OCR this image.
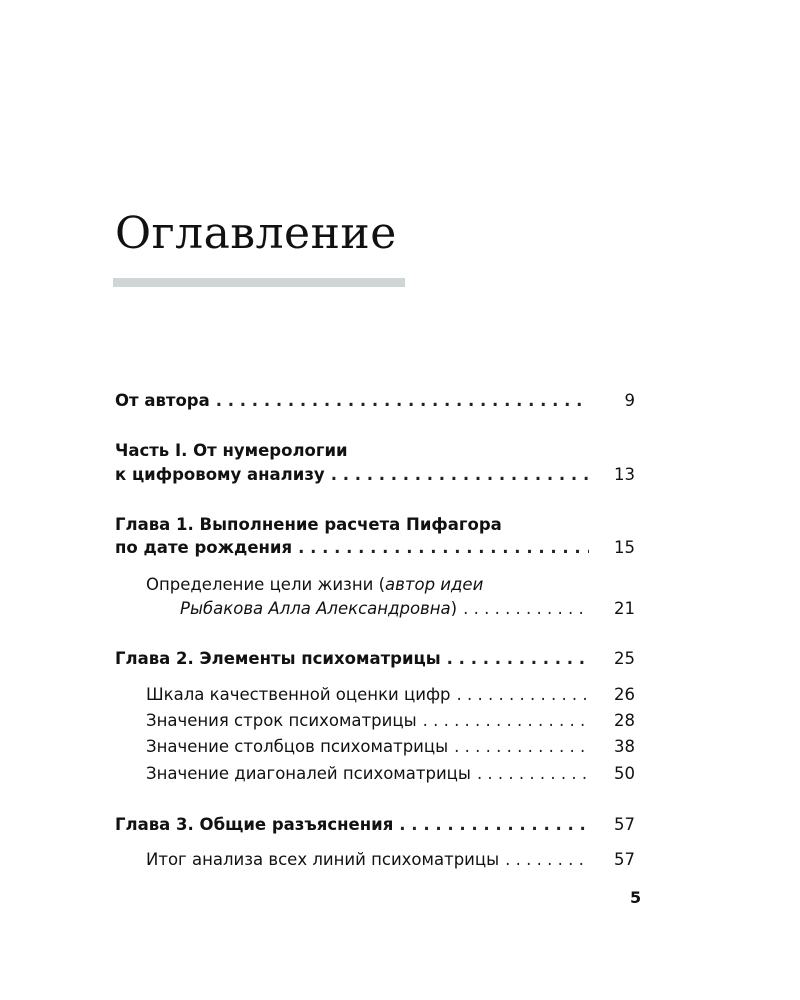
Оглавление
От автора . . .	9
Часть I. От нумерологии
к цифровому анализу . . .	13
Глава 1. Выполнение расчета Пифагора
по дате рождения . . .	15
Определение цели жизни (автор идеи
Рыбакова Алла Александровна) . . .	21
Глава 2. Элементы психоматрицы . . .	25
Шкала качественной оценки цифр . . .	26
Значения строк психоматрицы . . .	28
Значение столбцов психоматрицы . . .	38
Значение диагоналей психоматрицы . . .	50
Глава 3. Общие разъяснения . . .	57
Итог анализа всех линий психоматрицы . . .	57
5
